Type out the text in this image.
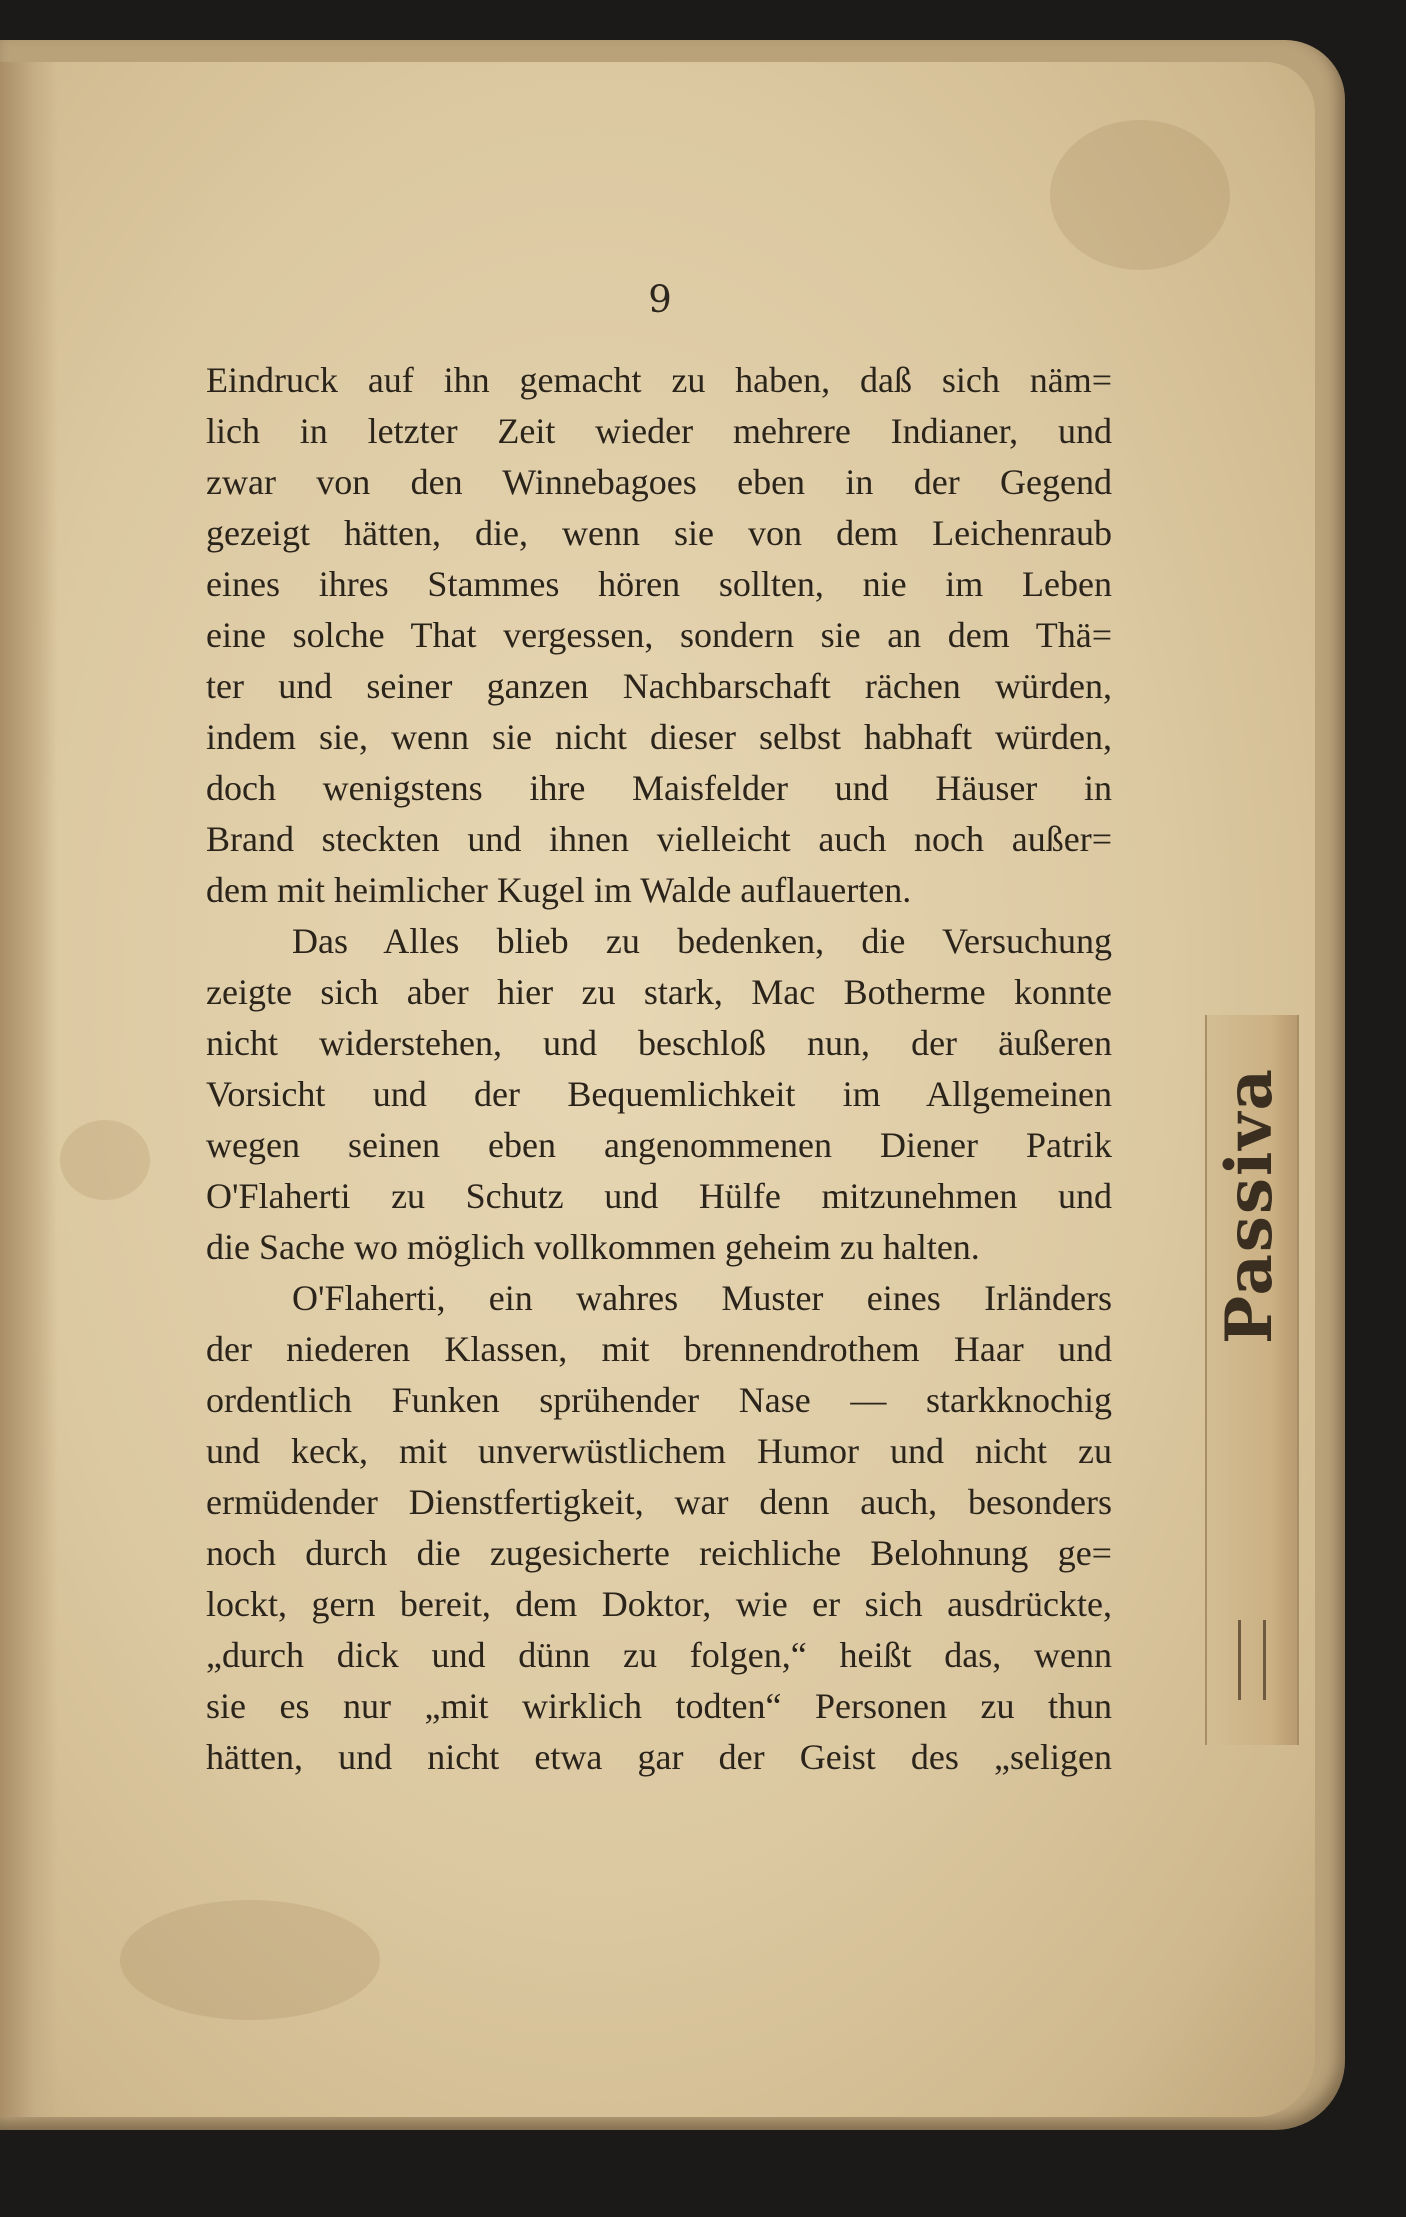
Passiva
9
Eindruck auf ihn gemacht zu haben, daß sich näm=
lich in letzter Zeit wieder mehrere Indianer, und
zwar von den Winnebagoes eben in der Gegend
gezeigt hätten, die, wenn sie von dem Leichenraub
eines ihres Stammes hören sollten, nie im Leben
eine solche That vergessen, sondern sie an dem Thä=
ter und seiner ganzen Nachbarschaft rächen würden,
indem sie, wenn sie nicht dieser selbst habhaft würden,
doch wenigstens ihre Maisfelder und Häuser in
Brand steckten und ihnen vielleicht auch noch außer=
dem mit heimlicher Kugel im Walde auflauerten.
Das Alles blieb zu bedenken, die Versuchung
zeigte sich aber hier zu stark, Mac Botherme konnte
nicht widerstehen, und beschloß nun, der äußeren
Vorsicht und der Bequemlichkeit im Allgemeinen
wegen seinen eben angenommenen Diener Patrik
O'Flaherti zu Schutz und Hülfe mitzunehmen und
die Sache wo möglich vollkommen geheim zu halten.
O'Flaherti, ein wahres Muster eines Irländers
der niederen Klassen, mit brennendrothem Haar und
ordentlich Funken sprühender Nase — starkknochig
und keck, mit unverwüstlichem Humor und nicht zu
ermüdender Dienstfertigkeit, war denn auch, besonders
noch durch die zugesicherte reichliche Belohnung ge=
lockt, gern bereit, dem Doktor, wie er sich ausdrückte,
„durch dick und dünn zu folgen,“ heißt das, wenn
sie es nur „mit wirklich todten“ Personen zu thun
hätten, und nicht etwa gar der Geist des „seligen
